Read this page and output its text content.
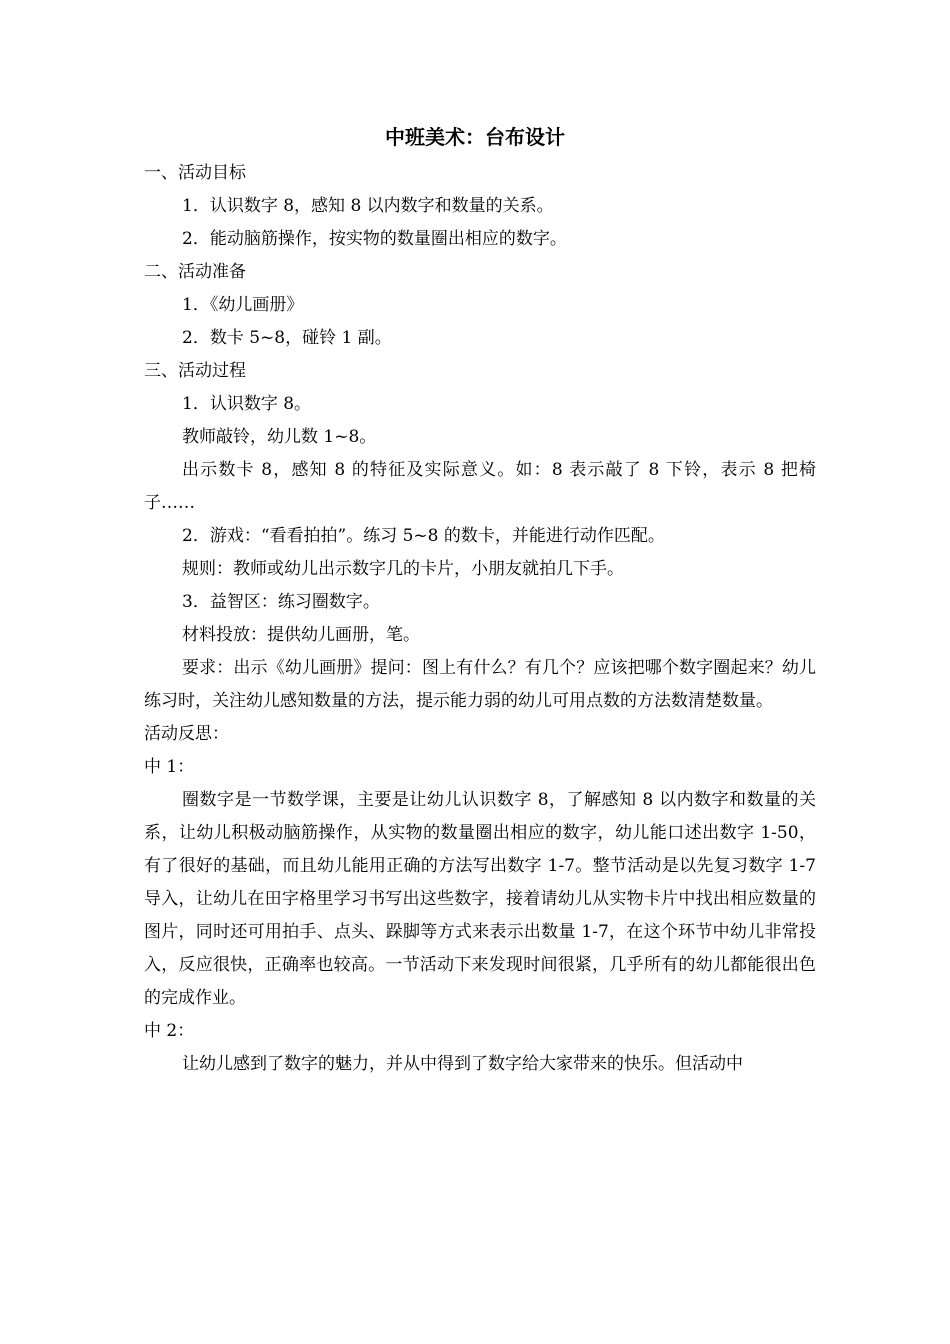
中班美术：台布设计

一、活动目标

1．认识数字 8，感知 8 以内数字和数量的关系。

2．能动脑筋操作，按实物的数量圈出相应的数字。

二、活动准备

1．《幼儿画册》

2．数卡 5~8，碰铃 1 副。

三、活动过程

1．认识数字 8。

教师敲铃，幼儿数 1~8。

出示数卡 8，感知 8 的特征及实际意义。如：8 表示敲了 8 下铃，表示 8 把椅子……

2．游戏：“看看拍拍”。练习 5~8 的数卡，并能进行动作匹配。

规则：教师或幼儿出示数字几的卡片，小朋友就拍几下手。

3．益智区：练习圈数字。

材料投放：提供幼儿画册，笔。

要求：出示《幼儿画册》提问：图上有什么？有几个？应该把哪个数字圈起来？幼儿练习时，关注幼儿感知数量的方法，提示能力弱的幼儿可用点数的方法数清楚数量。

活动反思：

中 1：

圈数字是一节数学课，主要是让幼儿认识数字 8，了解感知 8 以内数字和数量的关系，让幼儿积极动脑筋操作，从实物的数量圈出相应的数字，幼儿能口述出数字 1-50，有了很好的基础，而且幼儿能用正确的方法写出数字 1-7。整节活动是以先复习数字 1-7 导入，让幼儿在田字格里学习书写出这些数字，接着请幼儿从实物卡片中找出相应数量的图片，同时还可用拍手、点头、跺脚等方式来表示出数量 1-7，在这个环节中幼儿非常投入，反应很快，正确率也较高。一节活动下来发现时间很紧，几乎所有的幼儿都能很出色的完成作业。

中 2：

让幼儿感到了数字的魅力，并从中得到了数字给大家带来的快乐。但活动中
